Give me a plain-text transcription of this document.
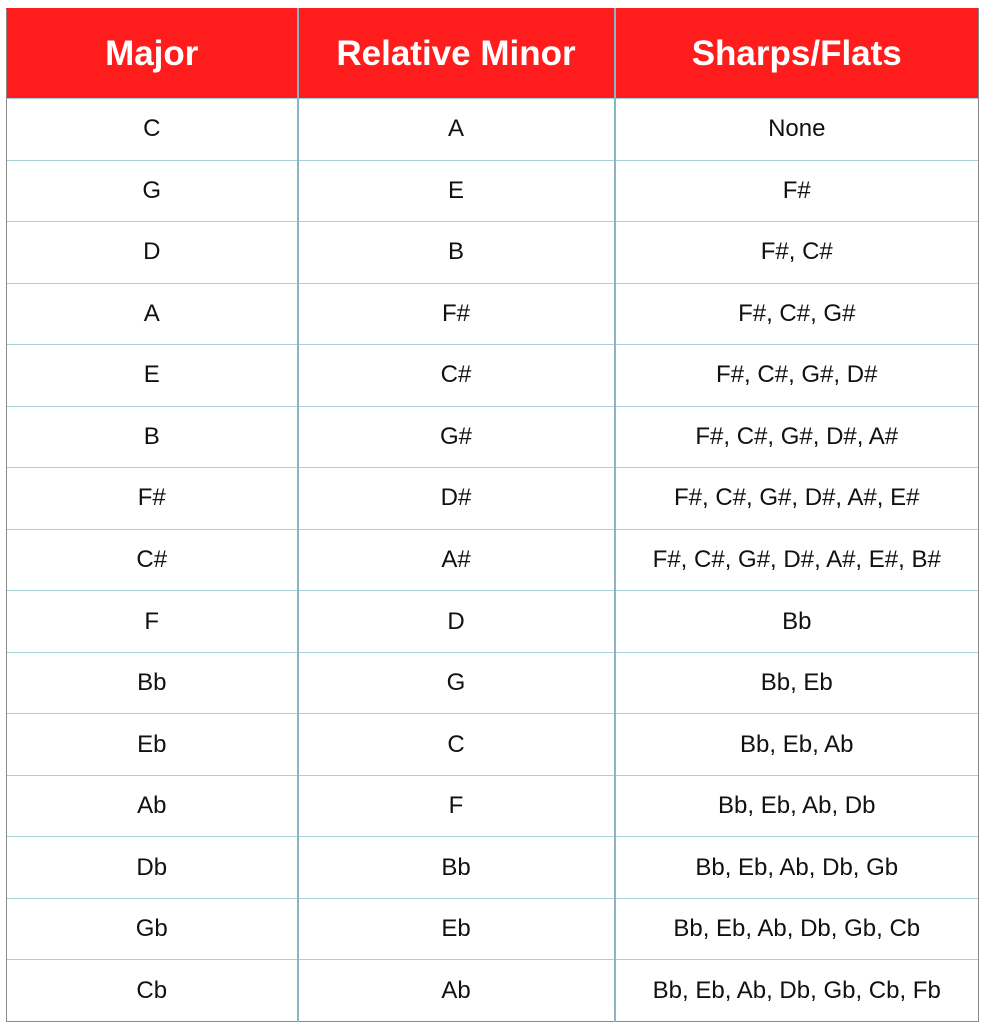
Major	Relative Minor	Sharps/Flats
C	A	None
G	E	F#
D	B	F#, C#
A	F#	F#, C#, G#
E	C#	F#, C#, G#, D#
B	G#	F#, C#, G#, D#, A#
F#	D#	F#, C#, G#, D#, A#, E#
C#	A#	F#, C#, G#, D#, A#, E#, B#
F	D	Bb
Bb	G	Bb, Eb
Eb	C	Bb, Eb, Ab
Ab	F	Bb, Eb, Ab, Db
Db	Bb	Bb, Eb, Ab, Db, Gb
Gb	Eb	Bb, Eb, Ab, Db, Gb, Cb
Cb	Ab	Bb, Eb, Ab, Db, Gb, Cb, Fb
